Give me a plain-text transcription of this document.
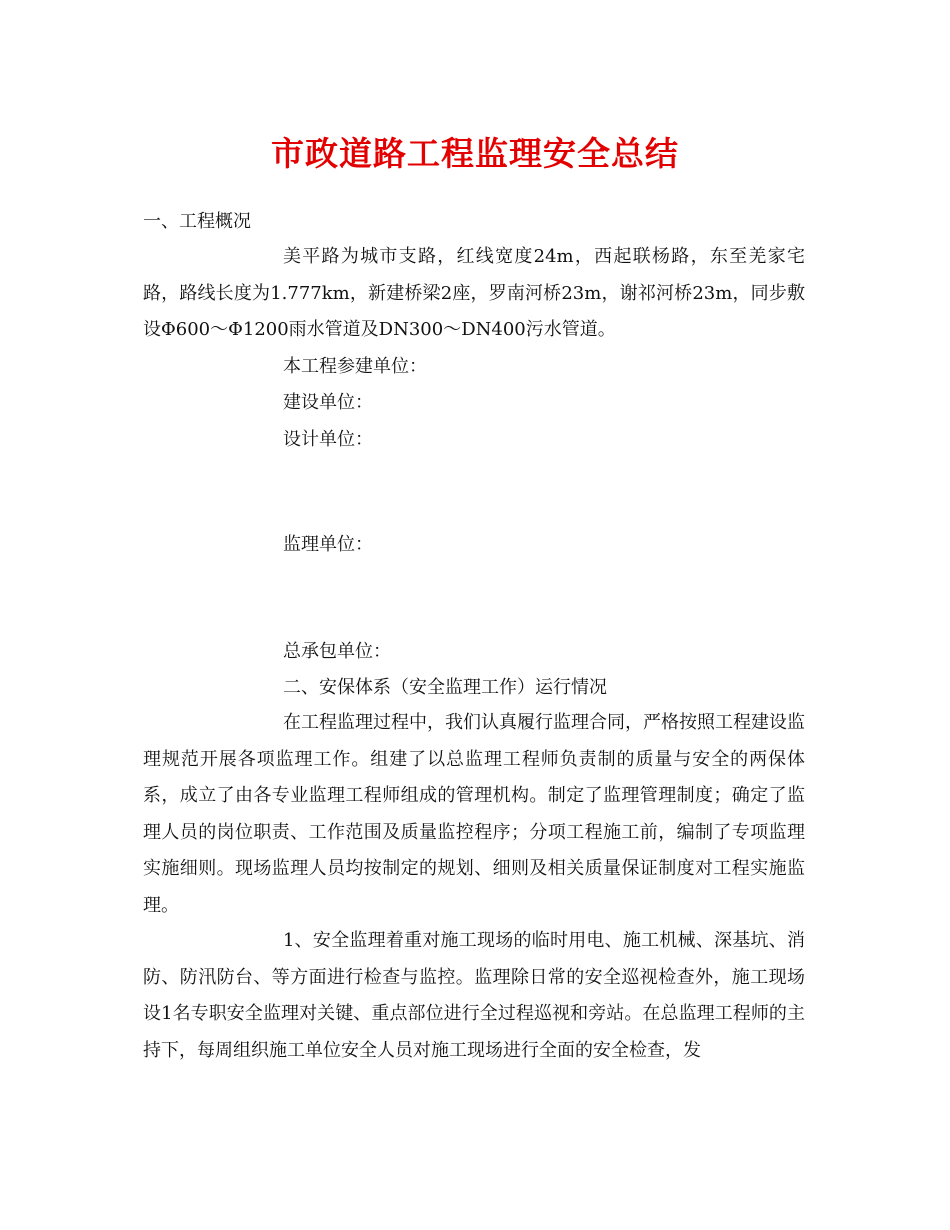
市政道路工程监理安全总结
一、工程概况
美平路为城市支路，红线宽度24m，西起联杨路，东至羌家宅路，路线长度为1.777km，新建桥梁2座，罗南河桥23m，谢祁河桥23m，同步敷设Φ600～Φ1200雨水管道及DN300～DN400污水管道。
本工程参建单位：
建设单位：
设计单位：
监理单位：
总承包单位：
二、安保体系（安全监理工作）运行情况
在工程监理过程中，我们认真履行监理合同，严格按照工程建设监理规范开展各项监理工作。组建了以总监理工程师负责制的质量与安全的两保体系，成立了由各专业监理工程师组成的管理机构。制定了监理管理制度；确定了监理人员的岗位职责、工作范围及质量监控程序；分项工程施工前，编制了专项监理实施细则。现场监理人员均按制定的规划、细则及相关质量保证制度对工程实施监理。
1、安全监理着重对施工现场的临时用电、施工机械、深基坑、消防、防汛防台、等方面进行检查与监控。监理除日常的安全巡视检查外，施工现场设1名专职安全监理对关键、重点部位进行全过程巡视和旁站。在总监理工程师的主持下，每周组织施工单位安全人员对施工现场进行全面的安全检查，发
